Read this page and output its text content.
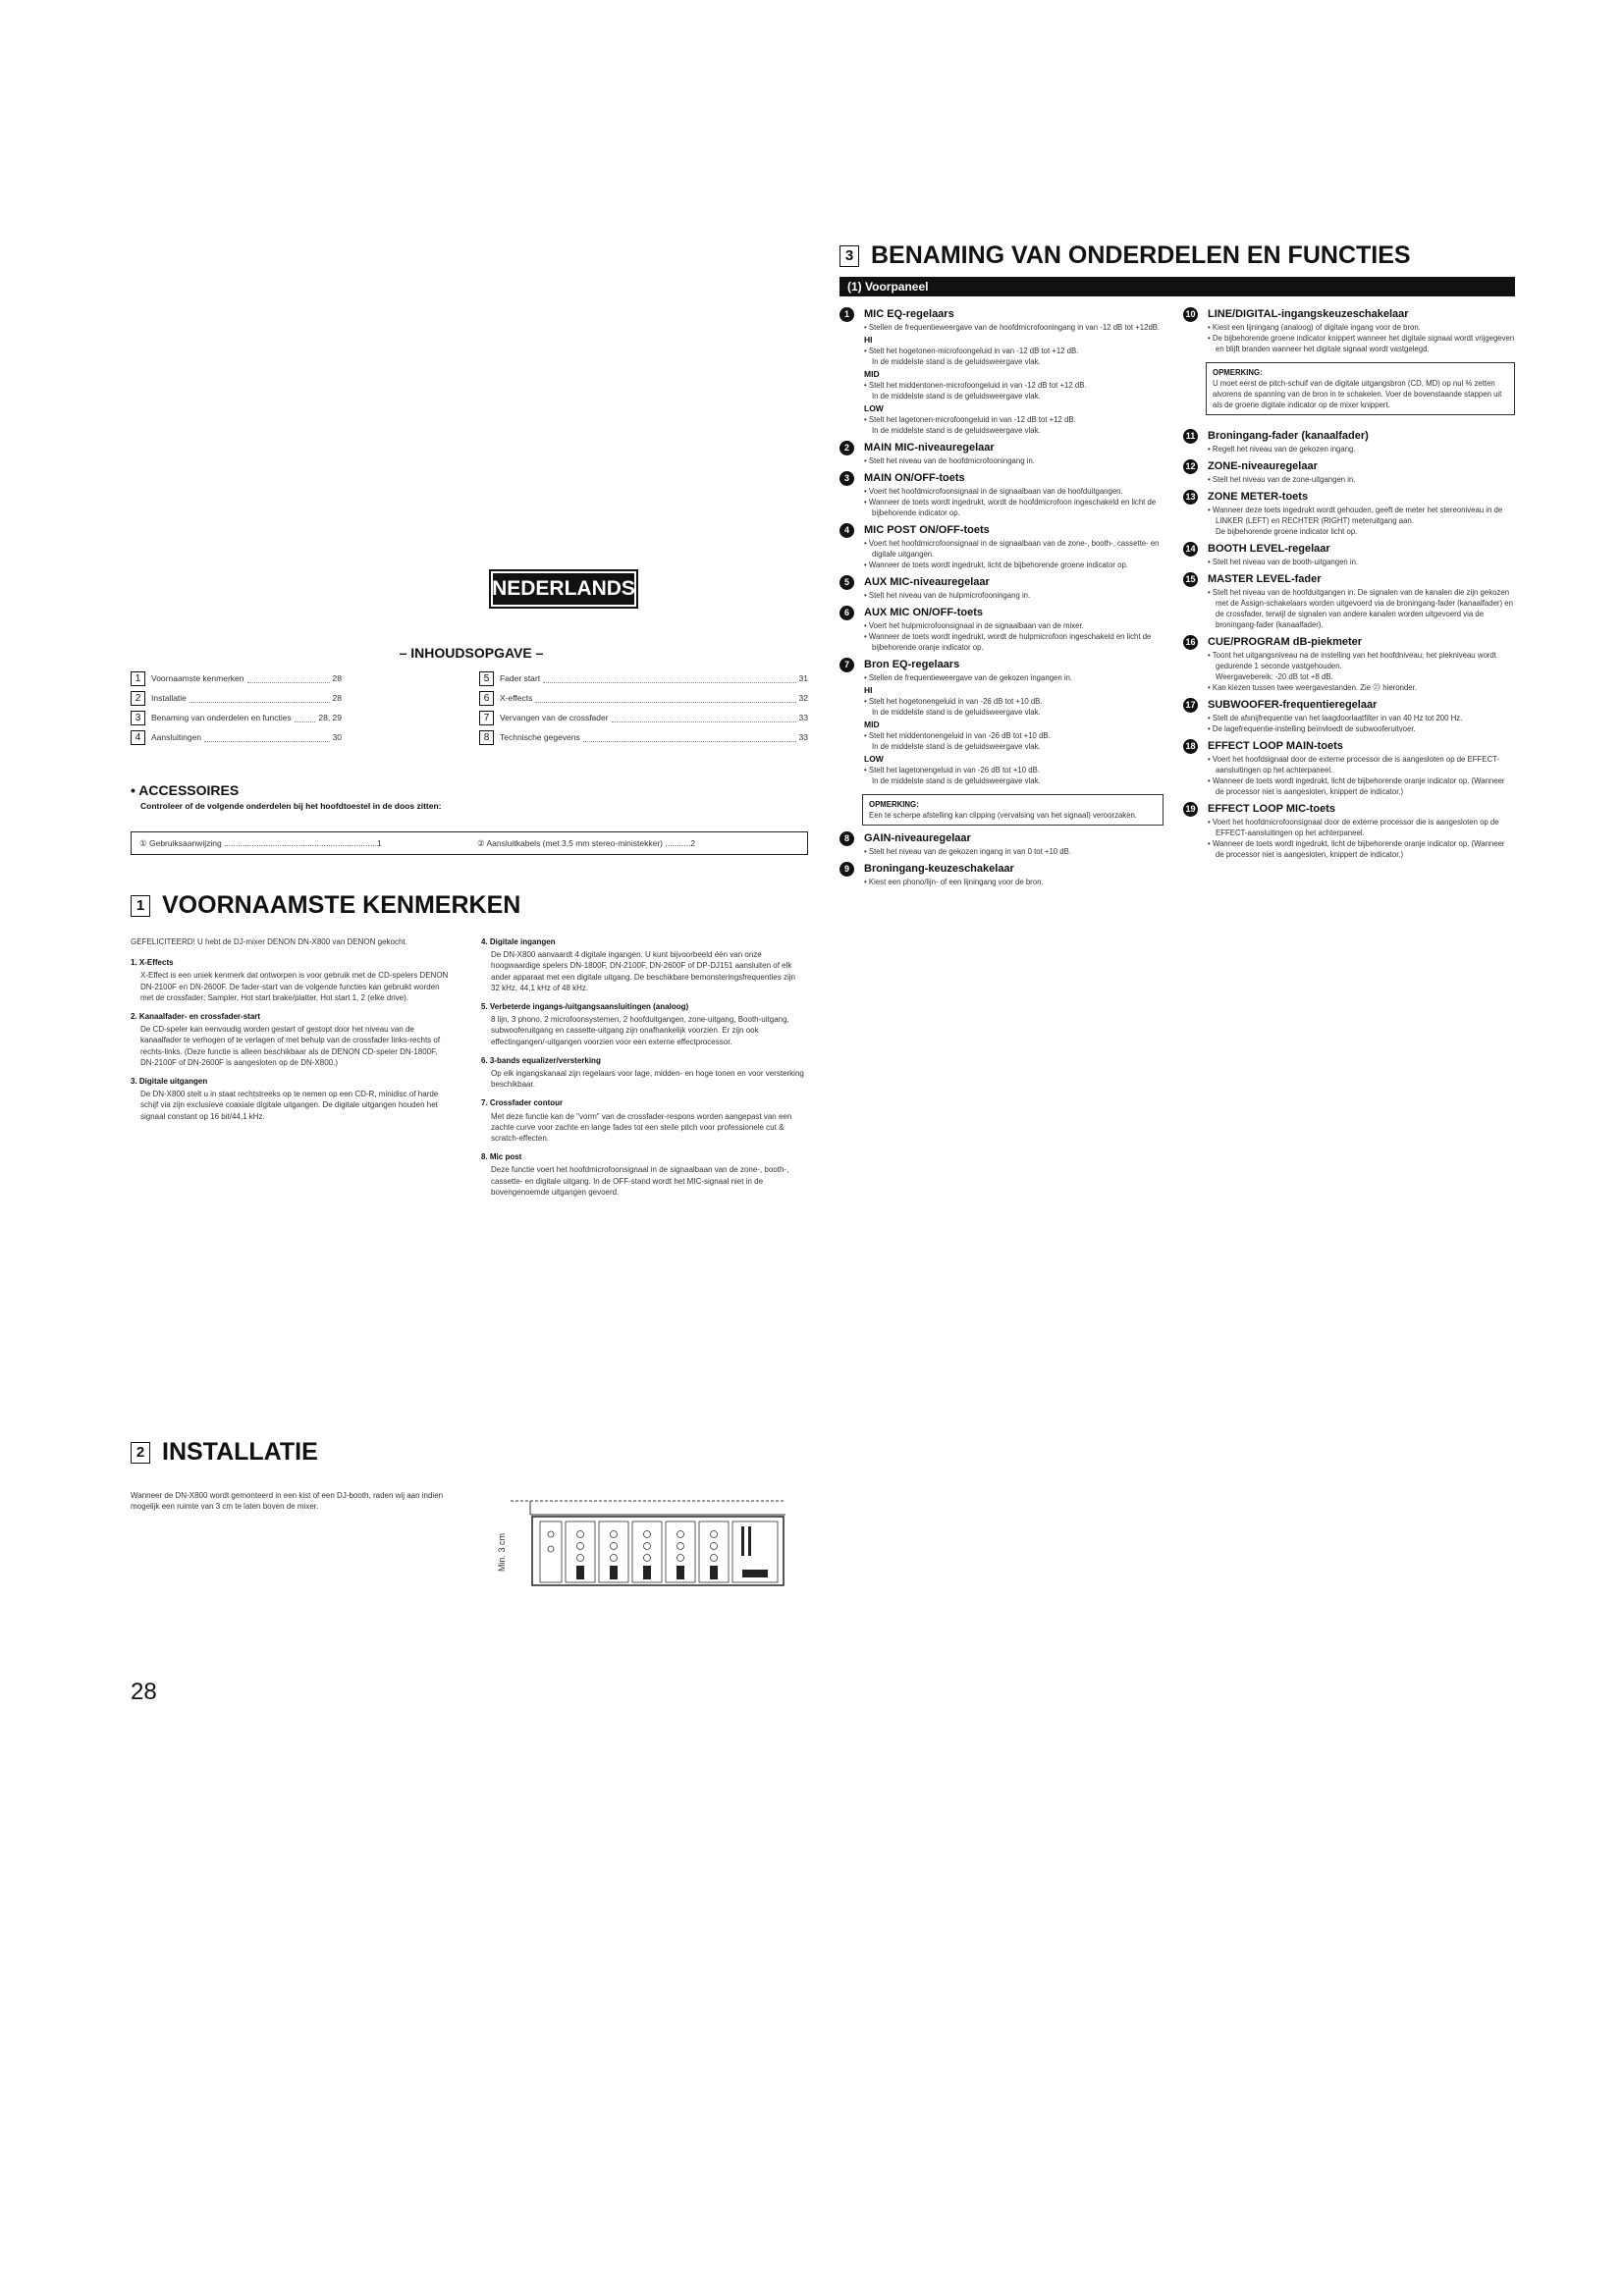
NEDERLANDS
– INHOUDSOPGAVE –
1	Voornaamste kenmerken	28
2	Installatie	28
3	Benaming van onderdelen en functies	28, 29
4	Aansluitingen	30
5	Fader start	31
6	X-effects	32
7	Vervangen van de crossfader	33
8	Technische gegevens	33
• ACCESSOIRES
Controleer of de volgende onderdelen bij het hoofdtoestel in de doos zitten:
① Gebruiksaanwijzing ..................................................................1	② Aansluitkabels (met 3,5 mm stereo-ministekker) ...........2
1 VOORNAAMSTE KENMERKEN

GEFELICITEERD! U hebt de DJ-mixer DENON DN-X800 van DENON gekocht.

1. X-Effects

X-Effect is een uniek kenmerk dat ontworpen is voor gebruik met de CD-spelers DENON DN-2100F en DN-2600F. De fader-start van de volgende functies kan gebruikt worden met de crossfader; Sampler, Hot start brake/platter, Hot start 1, 2 (elke drive).

2. Kanaalfader- en crossfader-start

De CD-speler kan eenvoudig worden gestart of gestopt door het niveau van de kanaalfader te verhogen of te verlagen of met behulp van de crossfader links-rechts of rechts-links. (Deze functie is alleen beschikbaar als de DENON CD-speler DN-1800F, DN-2100F of DN-2600F is aangesloten op de DN-X800.)

3. Digitale uitgangen

De DN-X800 stelt u in staat rechtstreeks op te nemen op een CD-R, minidisc of harde schijf via zijn exclusieve coaxiale digitale uitgangen. De digitale uitgangen houden het signaal constant op 16 bit/44,1 kHz.

4. Digitale ingangen

De DN-X800 aanvaardt 4 digitale ingangen. U kunt bijvoorbeeld één van onze hoogwaardige spelers DN-1800F, DN-2100F, DN-2600F of DP-DJ151 aansluiten of elk ander apparaat met een digitale uitgang. De beschikbare bemonsteringsfrequenties zijn 32 kHz, 44,1 kHz of 48 kHz.

5. Verbeterde ingangs-/uitgangsaansluitingen (analoog)

8 lijn, 3 phono, 2 microfoonsystemen, 2 hoofduitgangen, zone-uitgang, Booth-uitgang, subwooferuitgang en cassette-uitgang zijn onafhankelijk voorzien. Er zijn ook effectingangen/-uitgangen voorzien voor een externe effectprocessor.

6. 3-bands equalizer/versterking

Op elk ingangskanaal zijn regelaars voor lage, midden- en hoge tonen en voor versterking beschikbaar.

7. Crossfader contour

Met deze functie kan de "vorm" van de crossfader-respons worden aangepast van een zachte curve voor zachte en lange fades tot een steile pitch voor professionele cut & scratch-effecten.

8. Mic post

Deze functie voert het hoofdmicrofoonsignaal in de signaalbaan van de zone-, booth-, cassette- en digitale uitgang. In de OFF-stand wordt het MIC-signaal niet in de bovengenoemde uitgangen gevoerd.

2 INSTALLATIE
Wanneer de DN-X800 wordt gemonteerd in een kist of een DJ-booth, raden wij aan indien mogelijk een ruimte van 3 cm te laten boven de mixer.
Min. 3 cm
3 BENAMING VAN ONDERDELEN EN FUNCTIES
(1) Voorpaneel
1	MIC EQ-regelaars
• Stellen de frequentieweergave van de hoofdmicrofooningang in van -12 dB tot +12dB.
HI
• Stelt het hogetonen-microfoongeluid in van -12 dB tot +12 dB.
In de middelste stand is de geluidsweergave vlak.
MID
• Stelt het middentonen-microfoongeluid in van -12 dB tot +12 dB.
In de middelste stand is de geluidsweergave vlak.
LOW
• Stelt het lagetonen-microfoongeluid in van -12 dB tot +12 dB.
In de middelste stand is de geluidsweergave vlak.
2	MAIN MIC-niveauregelaar
• Stelt het niveau van de hoofdmicrofooningang in.
3	MAIN ON/OFF-toets
• Voert het hoofdmicrofoonsignaal in de signaalbaan van de hoofduitgangen.
• Wanneer de toets wordt ingedrukt, wordt de hoofdmicrofoon ingeschakeld en licht de bijbehorende indicator op.
4	MIC POST ON/OFF-toets
• Voert het hoofdmicrofoonsignaal in de signaalbaan van de zone-, booth-, cassette- en digitale uitgangen.
• Wanneer de toets wordt ingedrukt, licht de bijbehorende groene indicator op.
5	AUX MIC-niveauregelaar
• Stelt het niveau van de hulpmicrofooningang in.
6	AUX MIC ON/OFF-toets
• Voert het hulpmicrofoonsignaal in de signaalbaan van de mixer.
• Wanneer de toets wordt ingedrukt, wordt de hulpmicrofoon ingeschakeld en licht de bijbehorende oranje indicator op.
7	Bron EQ-regelaars
• Stellen de frequentieweergave van de gekozen ingangen in.
HI
• Stelt het hogetonengeluid in van -26 dB tot +10 dB.
In de middelste stand is de geluidsweergave vlak.
MID
• Stelt het middentonengeluid in van -26 dB tot +10 dB.
In de middelste stand is de geluidsweergave vlak.
LOW
• Stelt het lagetonengeluid in van -26 dB tot +10 dB.
In de middelste stand is de geluidsweergave vlak.
OPMERKING:
Een te scherpe afstelling kan clipping (vervalsing van het signaal) veroorzaken.
8	GAIN-niveauregelaar
• Stelt het niveau van de gekozen ingang in van 0 tot +10 dB.
9	Broningang-keuzeschakelaar
• Kiest een phono/lijn- of een lijningang voor de bron.
10 LINE/DIGITAL-ingangskeuzeschakelaar
• Kiest een lijningang (analoog) of digitale ingang voor de bron.
• De bijbehorende groene indicator knippert wanneer het digitale signaal wordt vrijgegeven en blijft branden wanneer het digitale signaal wordt vastgelegd.
OPMERKING:
U moet eerst de pitch-schuif van de digitale uitgangsbron (CD, MD) op nul % zetten alvorens de spanning van de bron in te schakelen. Voer de bovenstaande stappen uit als de groene digitale indicator op de mixer knippert.
11 Broningang-fader (kanaalfader)
• Regelt het niveau van de gekozen ingang.
12 ZONE-niveauregelaar
• Stelt het niveau van de zone-uitgangen in.
13 ZONE METER-toets
• Wanneer deze toets ingedrukt wordt gehouden, geeft de meter het stereoniveau in de LINKER (LEFT) en RECHTER (RIGHT) meteruitgang aan.
De bijbehorende groene indicator licht op.
14 BOOTH LEVEL-regelaar
• Stelt het niveau van de booth-uitgangen in.
15 MASTER LEVEL-fader
• Stelt het niveau van de hoofduitgangen in. De signalen van de kanalen die zijn gekozen met de Assign-schakelaars worden uitgevoerd via de broningang-fader (kanaalfader) en de crossfader, terwijl de signalen van andere kanalen worden uitgevoerd via de broningang-fader (kanaalfader).
16 CUE/PROGRAM dB-piekmeter
• Toont het uitgangsniveau na de instelling van het hoofdniveau; het piekniveau wordt gedurende 1 seconde vastgehouden.
Weergavebereik: -20 dB tot +8 dB.
• Kan kiezen tussen twee weergavestanden. Zie ㉓ hieronder.
17 SUBWOOFER-frequentieregelaar
• Stelt de afsnijfrequentie van het laagdoorlaatfilter in van 40 Hz tot 200 Hz.
• De lagefrequentie-instelling beïnvloedt de subwooferuitvoer.
18 EFFECT LOOP MAIN-toets
• Voert het hoofdsignaal door de externe processor die is aangesloten op de EFFECT-aansluitingen op het achterpaneel.
• Wanneer de toets wordt ingedrukt, licht de bijbehorende oranje indicator op. (Wanneer de processor niet is aangesloten, knippert de indicator.)
19 EFFECT LOOP MIC-toets
• Voert het hoofdmicrofoonsignaal door de externe processor die is aangesloten op de EFFECT-aansluitingen op het achterpaneel.
• Wanneer de toets wordt ingedrukt, licht de bijbehorende oranje indicator op. (Wanneer de processor niet is aangesloten, knippert de indicator.)
28
